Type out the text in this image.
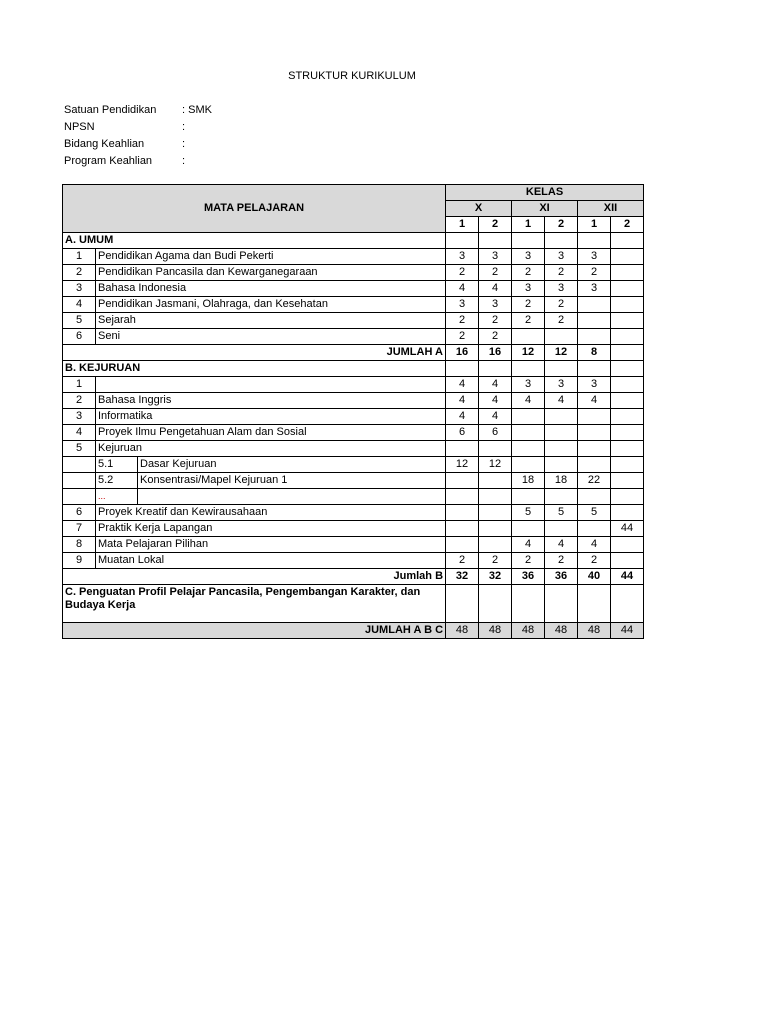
STRUKTUR KURIKULUM
Satuan Pendidikan	: SMK
NPSN	:
Bidang Keahlian	:
Program Keahlian	:
MATA PELAJARAN			KELAS					
			X		XI		XII	
			1	2	1	2	1	2
A. UMUM								
1	Pendidikan Agama dan Budi Pekerti		3	3	3	3	3	
2	Pendidikan Pancasila dan Kewarganegaraan		2	2	2	2	2	
3	Bahasa Indonesia		4	4	3	3	3	
4	Pendidikan Jasmani, Olahraga, dan Kesehatan		3	3	2	2		
5	Sejarah		2	2	2	2		
6	Seni		2	2				
JUMLAH A			16	16	12	12	8	
B. KEJURUAN								
1			4	4	3	3	3	
2	Bahasa Inggris		4	4	4	4	4	
3	Informatika		4	4				
4	Proyek Ilmu Pengetahuan Alam dan Sosial		6	6				
5	Kejuruan							
	5.1	Dasar Kejuruan	12	12				
	5.2	Konsentrasi/Mapel Kejuruan 1			18	18	22	
	...							
6	Proyek Kreatif dan Kewirausahaan				5	5	5	
7	Praktik Kerja Lapangan							44
8	Mata Pelajaran Pilihan				4	4	4	
9	Muatan Lokal		2	2	2	2	2	
Jumlah B			32	32	36	36	40	44
C. Penguatan Profil Pelajar Pancasila, Pengembangan Karakter, dan Budaya Kerja								
JUMLAH A B C			48	48	48	48	48	44
